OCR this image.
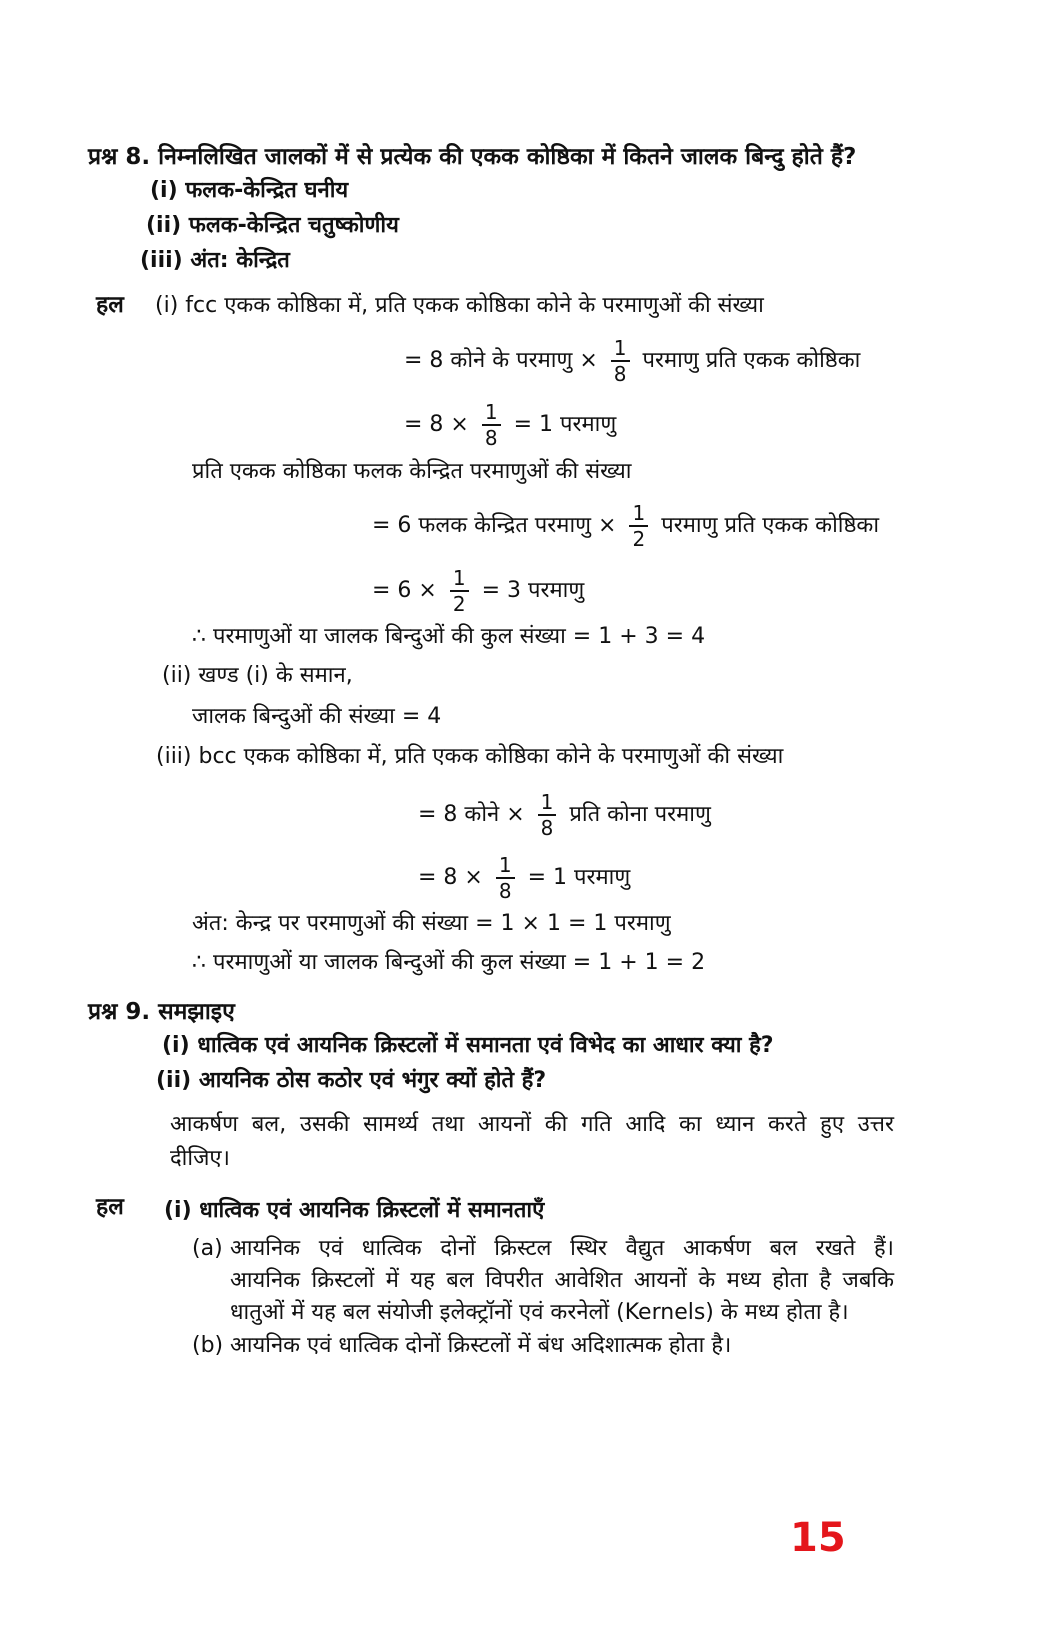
प्रश्न 8. निम्नलिखित जालकों में से प्रत्येक की एकक कोष्ठिका में कितने जालक बिन्दु होते हैं?
(i) फलक-केन्द्रित घनीय
(ii) फलक-केन्द्रित चतुष्कोणीय
(iii) अंत: केन्द्रित
हल (i) fcc एकक कोष्ठिका में, प्रति एकक कोष्ठिका कोने के परमाणुओं की संख्या
= 8 कोने के परमाणु × $\frac{1}{8}$ परमाणु प्रति एकक कोष्ठिका
= $8 \times \frac{1}{8} = 1$ परमाणु
प्रति एकक कोष्ठिका फलक केन्द्रित परमाणुओं की संख्या
= 6 फलक केन्द्रित परमाणु × $\frac{1}{2}$ परमाणु प्रति एकक कोष्ठिका
= $6 \times \frac{1}{2} = 3$ परमाणु
∴ परमाणुओं या जालक बिन्दुओं की कुल संख्या = 1 + 3 = 4
(ii) खण्ड (i) के समान,
जालक बिन्दुओं की संख्या = 4
(iii) bcc एकक कोष्ठिका में, प्रति एकक कोष्ठिका कोने के परमाणुओं की संख्या
= 8 कोने × $\frac{1}{8}$ प्रति कोना परमाणु
= $8 \times \frac{1}{8} = 1$ परमाणु
अंत: केन्द्र पर परमाणुओं की संख्या = 1 × 1 = 1 परमाणु
∴ परमाणुओं या जालक बिन्दुओं की कुल संख्या = 1 + 1 = 2
प्रश्न 9. समझाइए
(i) धात्विक एवं आयनिक क्रिस्टलों में समानता एवं विभेद का आधार क्या है?
(ii) आयनिक ठोस कठोर एवं भंगुर क्यों होते हैं?
आकर्षण बल, उसकी सामर्थ्य तथा आयनों की गति आदि का ध्यान करते हुए उत्तर
दीजिए।
हल (i) धात्विक एवं आयनिक क्रिस्टलों में समानताएँ
(a) आयनिक एवं धात्विक दोनों क्रिस्टल स्थिर वैद्युत आकर्षण बल रखते हैं।
आयनिक क्रिस्टलों में यह बल विपरीत आवेशित आयनों के मध्य होता है जबकि
धातुओं में यह बल संयोजी इलेक्ट्रॉनों एवं करनेलों (Kernels) के मध्य होता है।
(b) आयनिक एवं धात्विक दोनों क्रिस्टलों में बंध अदिशात्मक होता है।
15
